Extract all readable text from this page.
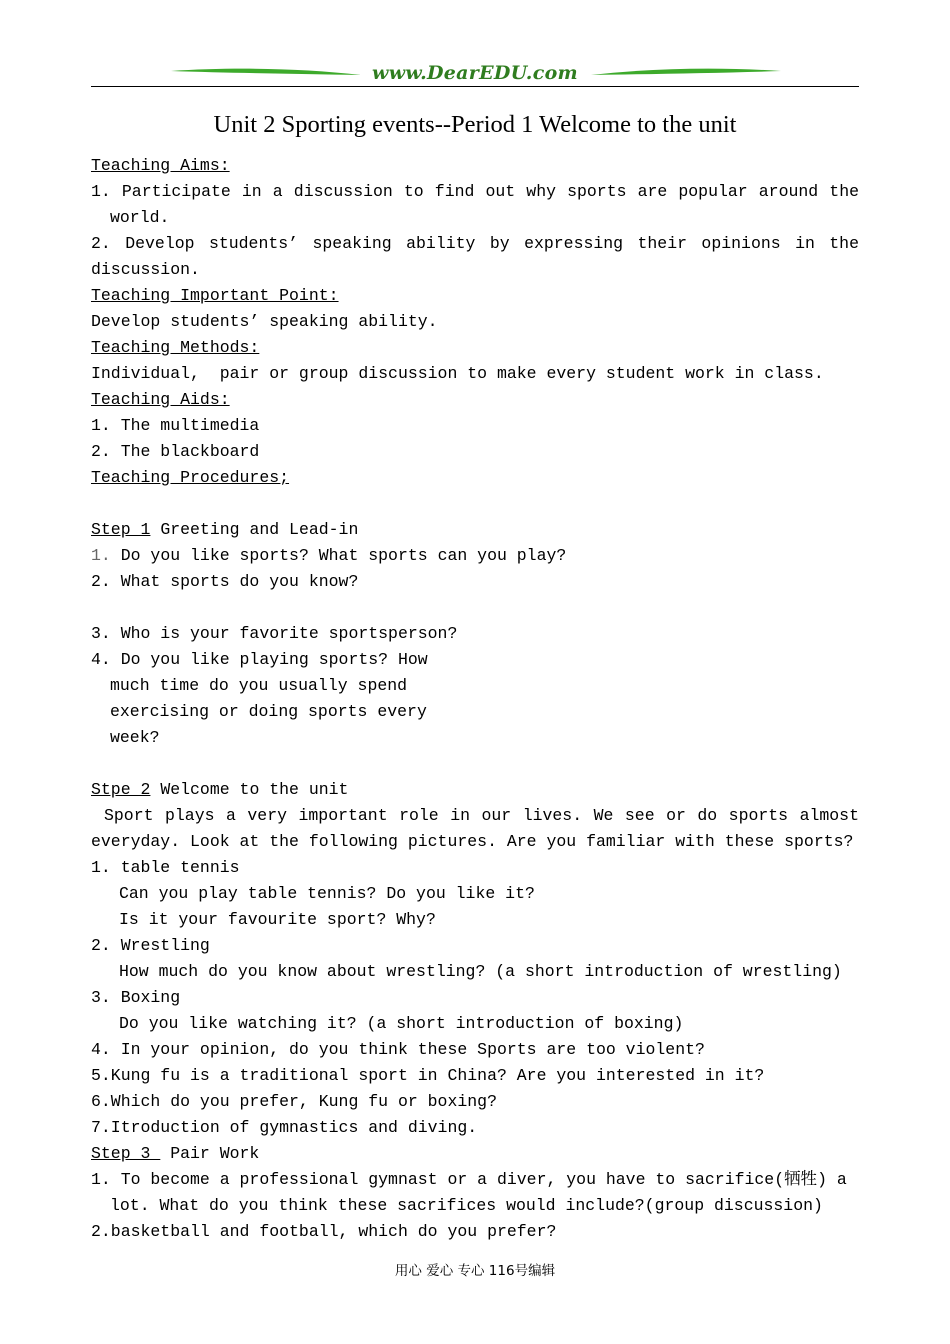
www.DearEDU.com
Unit 2 Sporting events--Period 1 Welcome to the unit
Teaching Aims:
1. Participate in a discussion to find out why sports are popular around the
world.
2. Develop students’ speaking ability by expressing their opinions in the
discussion.
Teaching Important Point:
Develop students’ speaking ability.
Teaching Methods:
Individual,  pair or group discussion to make every student work in class.
Teaching Aids:
1. The multimedia
2. The blackboard
Teaching Procedures;
Step 1 Greeting and Lead-in
1. Do you like sports? What sports can you play?
2. What sports do you know?
3. Who is your favorite sportsperson?
4. Do you like playing sports? How
much time do you usually spend
exercising or doing sports every
week?
Stpe 2 Welcome to the unit
Sport plays a very important role in our lives. We see or do sports almost
everyday. Look at the following pictures. Are you familiar with these sports?
1. table tennis
Can you play table tennis? Do you like it?
Is it your favourite sport? Why?
2. Wrestling
How much do you know about wrestling? (a short introduction of wrestling)
3. Boxing
Do you like watching it? (a short introduction of boxing)
4. In your opinion, do you think these Sports are too violent?
5.Kung fu is a traditional sport in China? Are you interested in it?
6.Which do you prefer, Kung fu or boxing?
7.Itroduction of gymnastics and diving.
Step 3  Pair Work
1. To become a professional gymnast or a diver, you have to sacrifice(牺牲) a
lot. What do you think these sacrifices would include?(group discussion)
2.basketball and football, which do you prefer?
用心 爱心 专心 116号编辑
